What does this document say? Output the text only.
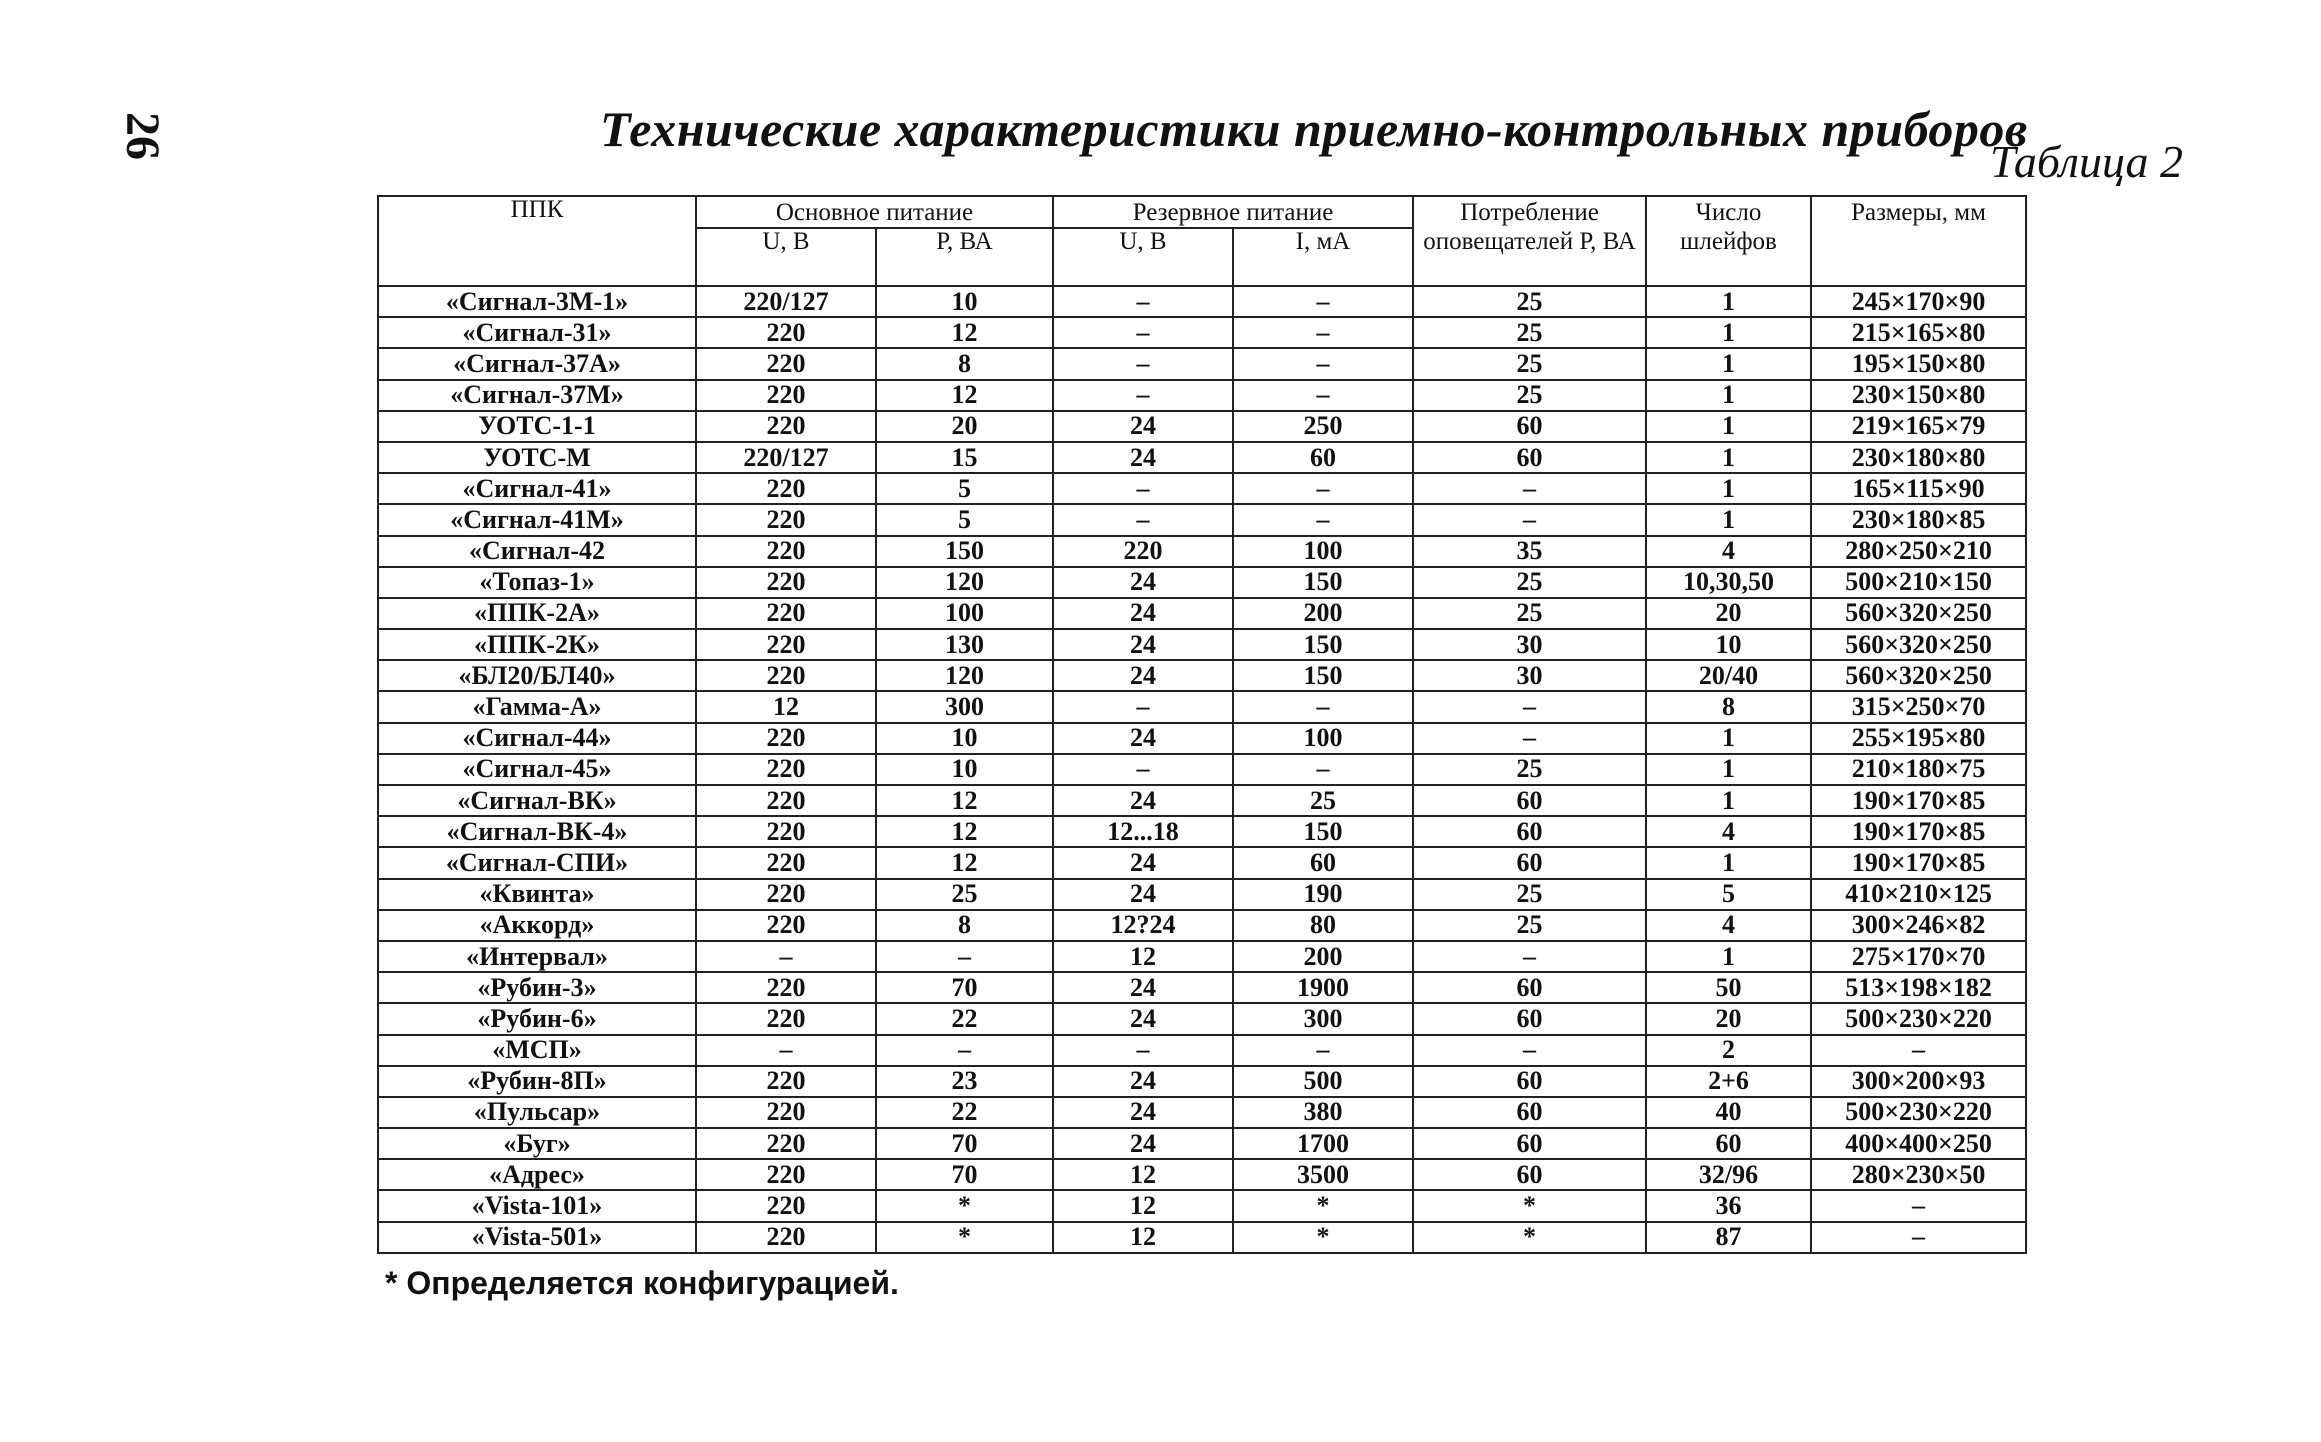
26	Технические характеристики приемно-контрольных приборов
Таблица 2
ППК	Основное питание		Резервное питание		Потребление оповещателей Р, ВА	Число шлейфов	Размеры, мм
	U, В	Р, ВА	U, В	I, мА			
«Сигнал-3М-1»	220/127	10	–	–	25	1	245×170×90
«Сигнал-31»	220	12	–	–	25	1	215×165×80
«Сигнал-37А»	220	8	–	–	25	1	195×150×80
«Сигнал-37М»	220	12	–	–	25	1	230×150×80
УОТС-1-1	220	20	24	250	60	1	219×165×79
УОТС-М	220/127	15	24	60	60	1	230×180×80
«Сигнал-41»	220	5	–	–	–	1	165×115×90
«Сигнал-41М»	220	5	–	–	–	1	230×180×85
«Сигнал-42	220	150	220	100	35	4	280×250×210
«Топаз-1»	220	120	24	150	25	10,30,50	500×210×150
«ППК-2А»	220	100	24	200	25	20	560×320×250
«ППК-2К»	220	130	24	150	30	10	560×320×250
«БЛ20/БЛ40»	220	120	24	150	30	20/40	560×320×250
«Гамма-А»	12	300	–	–	–	8	315×250×70
«Сигнал-44»	220	10	24	100	–	1	255×195×80
«Сигнал-45»	220	10	–	–	25	1	210×180×75
«Сигнал-ВК»	220	12	24	25	60	1	190×170×85
«Сигнал-ВК-4»	220	12	12...18	150	60	4	190×170×85
«Сигнал-СПИ»	220	12	24	60	60	1	190×170×85
«Квинта»	220	25	24	190	25	5	410×210×125
«Аккорд»	220	8	12?24	80	25	4	300×246×82
«Интервал»	–	–	12	200	–	1	275×170×70
«Рубин-3»	220	70	24	1900	60	50	513×198×182
«Рубин-6»	220	22	24	300	60	20	500×230×220
«МСП»	–	–	–	–	–	2	–
«Рубин-8П»	220	23	24	500	60	2+6	300×200×93
«Пульсар»	220	22	24	380	60	40	500×230×220
«Буг»	220	70	24	1700	60	60	400×400×250
«Адрес»	220	70	12	3500	60	32/96	280×230×50
«Vista-101»	220	*	12	*	*	36	–
«Vista-501»	220	*	12	*	*	87	–
* Определяется конфигурацией.
